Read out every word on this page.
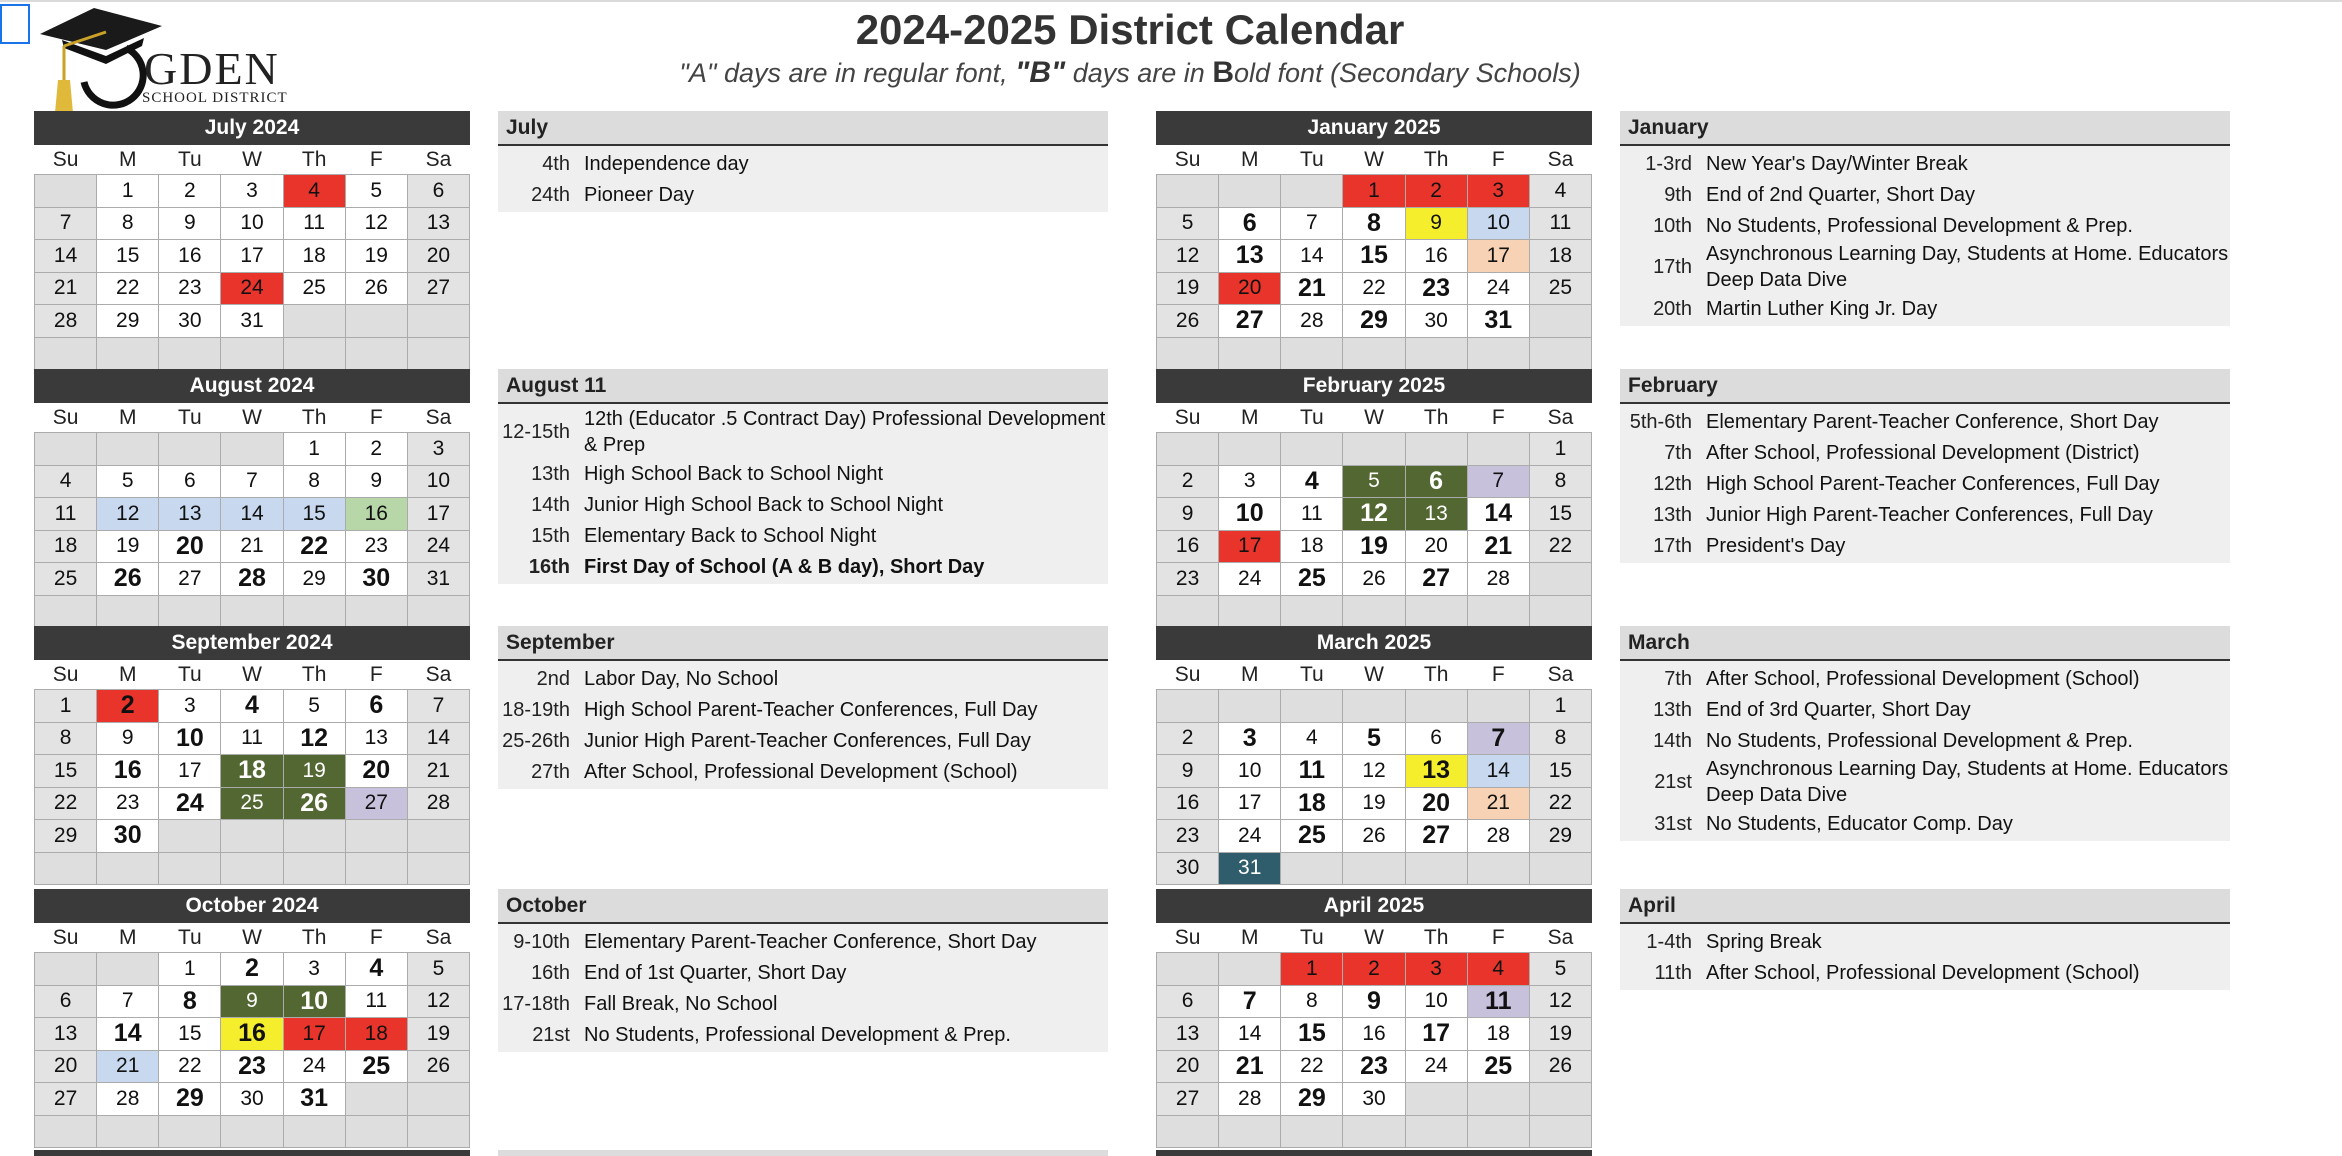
GDEN
SCHOOL DISTRICT
2024-2025 District Calendar
"A" days are in regular font, "B" days are in Bold font (Secondary Schools)
July 2024
Su	M	Tu	W	Th	F	Sa
	1	2	3	4	5	6
7	8	9	10	11	12	13
14	15	16	17	18	19	20
21	22	23	24	25	26	27
28	29	30	31			

August 2024
Su	M	Tu	W	Th	F	Sa
				1	2	3
4	5	6	7	8	9	10
11	12	13	14	15	16	17
18	19	20	21	22	23	24
25	26	27	28	29	30	31

September 2024
Su	M	Tu	W	Th	F	Sa
1	2	3	4	5	6	7
8	9	10	11	12	13	14
15	16	17	18	19	20	21
22	23	24	25	26	27	28
29	30					

October 2024
Su	M	Tu	W	Th	F	Sa
		1	2	3	4	5
6	7	8	9	10	11	12
13	14	15	16	17	18	19
20	21	22	23	24	25	26
27	28	29	30	31		

January 2025
Su	M	Tu	W	Th	F	Sa
			1	2	3	4
5	6	7	8	9	10	11
12	13	14	15	16	17	18
19	20	21	22	23	24	25
26	27	28	29	30	31	

February 2025
Su	M	Tu	W	Th	F	Sa
						1
2	3	4	5	6	7	8
9	10	11	12	13	14	15
16	17	18	19	20	21	22
23	24	25	26	27	28	

March 2025
Su	M	Tu	W	Th	F	Sa
						1
2	3	4	5	6	7	8
9	10	11	12	13	14	15
16	17	18	19	20	21	22
23	24	25	26	27	28	29
30	31					
April 2025
Su	M	Tu	W	Th	F	Sa
		1	2	3	4	5
6	7	8	9	10	11	12
13	14	15	16	17	18	19
20	21	22	23	24	25	26
27	28	29	30			

July
4th Independence day
24th Pioneer Day
August 11
12-15th
12th (Educator .5 Contract Day) Professional Development & Prep
13th High School Back to School Night
14th Junior High School Back to School Night
15th Elementary Back to School Night
16th First Day of School (A & B day), Short Day
September
2nd Labor Day, No School
18-19th High School Parent-Teacher Conferences, Full Day
25-26th Junior High Parent-Teacher Conferences, Full Day
27th After School, Professional Development (School)
October
9-10th Elementary Parent-Teacher Conference, Short Day
16th End of 1st Quarter, Short Day
17-18th Fall Break, No School
21st No Students, Professional Development & Prep.
January
1-3rd New Year's Day/Winter Break
9th End of 2nd Quarter, Short Day
10th No Students, Professional Development & Prep.
17th
Asynchronous Learning Day, Students at Home. Educators Deep Data Dive
20th Martin Luther King Jr. Day
February
5th-6th Elementary Parent-Teacher Conference, Short Day
7th After School, Professional Development (District)
12th High School Parent-Teacher Conferences, Full Day
13th Junior High Parent-Teacher Conferences, Full Day
17th President's Day
March
7th After School, Professional Development (School)
13th End of 3rd Quarter, Short Day
14th No Students, Professional Development & Prep.
21st
Asynchronous Learning Day, Students at Home. Educators Deep Data Dive
31st No Students, Educator Comp. Day
April
1-4th Spring Break
11th After School, Professional Development (School)
